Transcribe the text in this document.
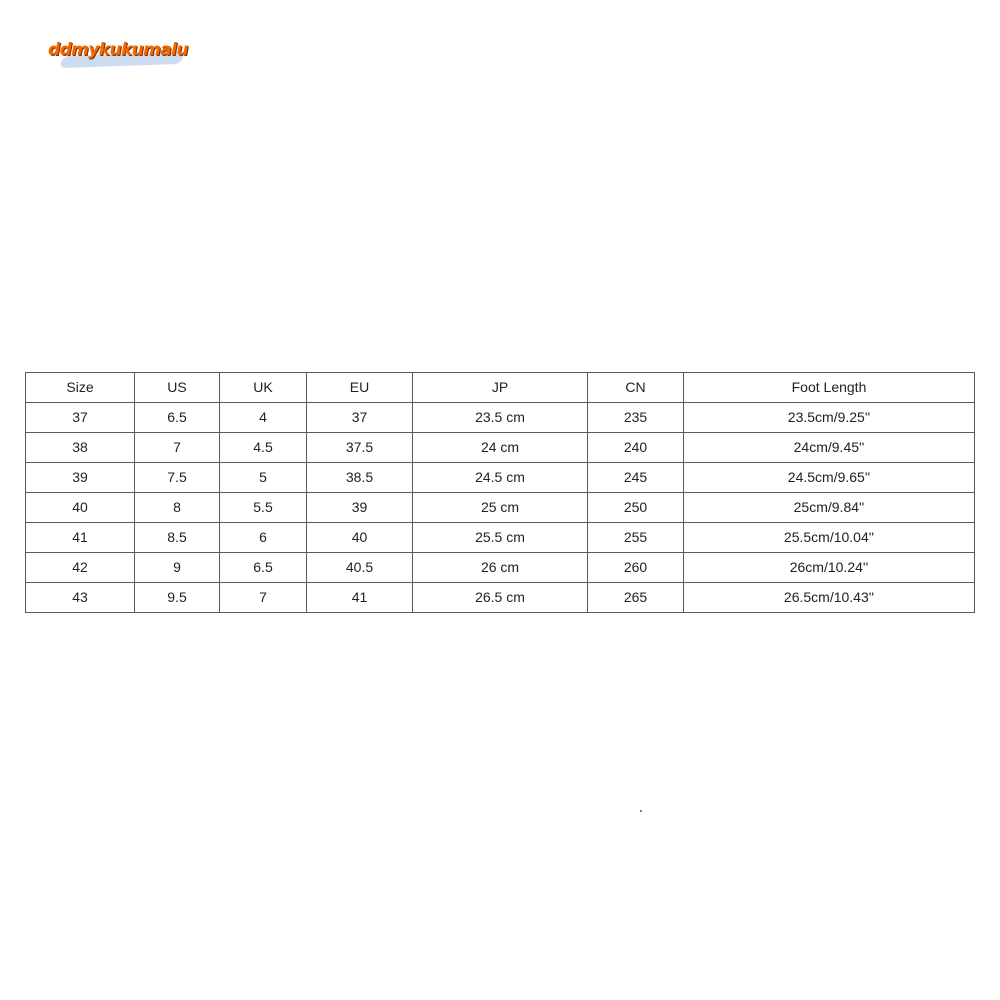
ddmykukumalu
Size	US	UK	EU	JP	CN	Foot Length
37	6.5	4	37	23.5 cm	235	23.5cm/9.25''
38	7	4.5	37.5	24 cm	240	24cm/9.45''
39	7.5	5	38.5	24.5 cm	245	24.5cm/9.65''
40	8	5.5	39	25 cm	250	25cm/9.84''
41	8.5	6	40	25.5 cm	255	25.5cm/10.04''
42	9	6.5	40.5	26 cm	260	26cm/10.24''
43	9.5	7	41	26.5 cm	265	26.5cm/10.43''
